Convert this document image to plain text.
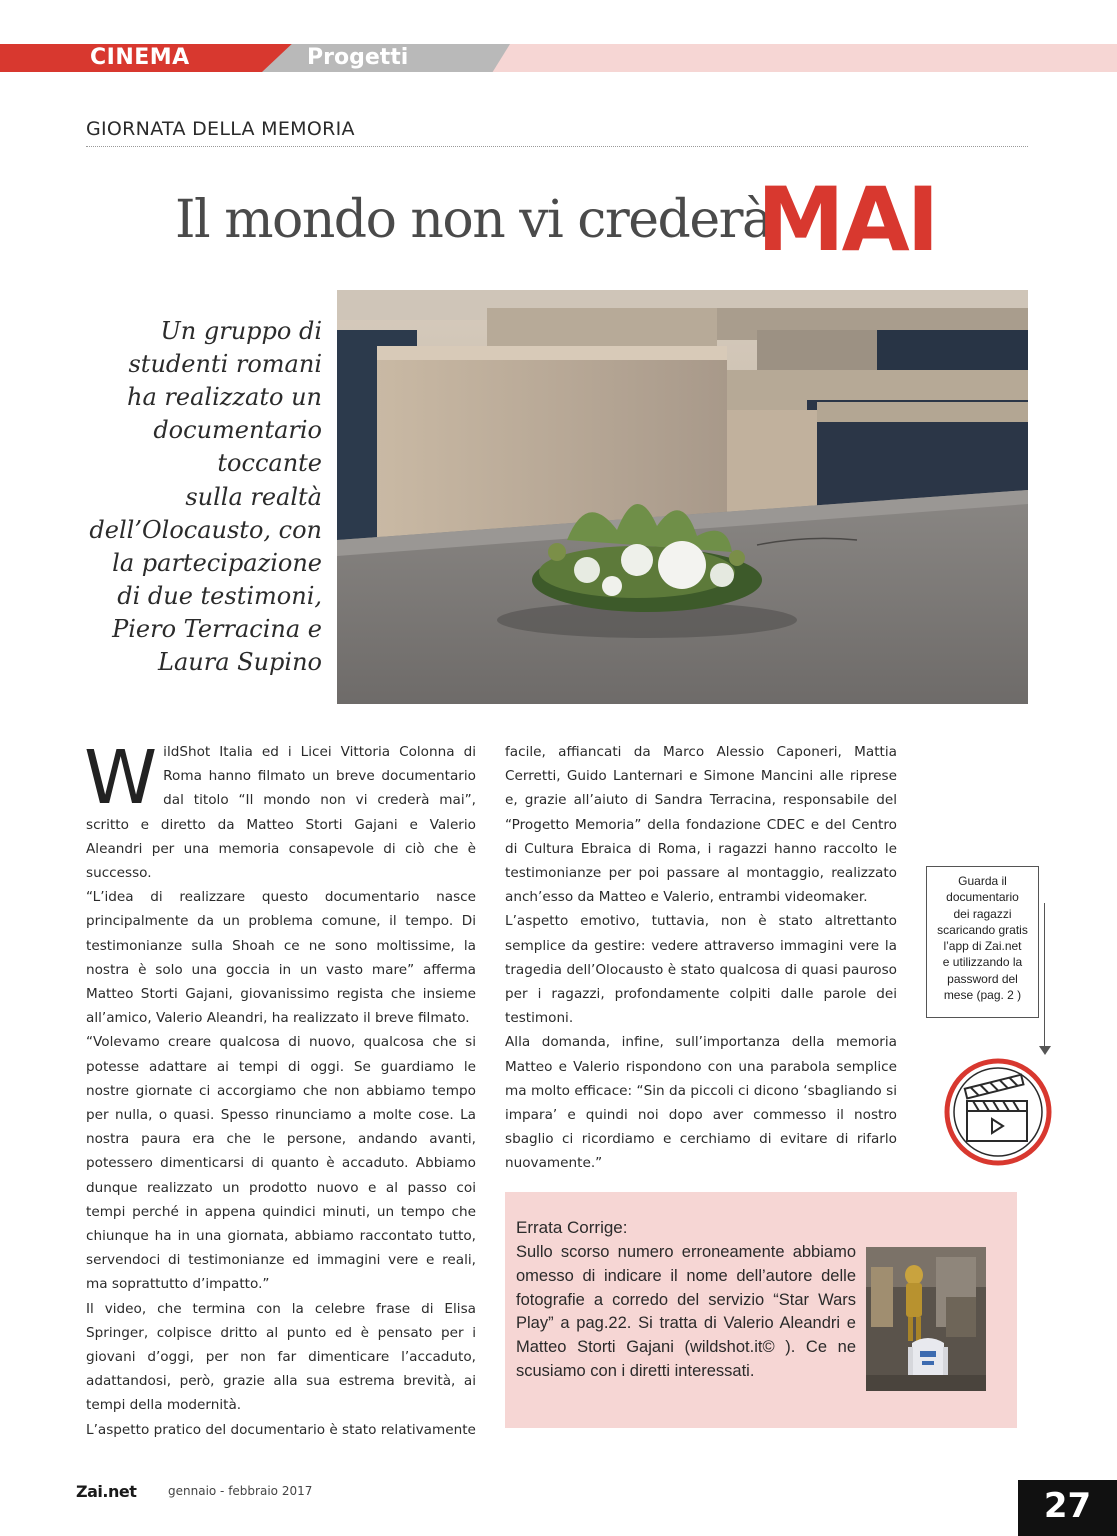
CINEMA	Progetti
GIORNATA DELLA MEMORIA
Il mondo non vi crederà
MAI
Un gruppo di
studenti romani
ha realizzato un
documentario
toccante
sulla realtà
dell’Olocausto, con
la partecipazione
di due testimoni,
Piero Terracina e
Laura Supino

WildShot Italia ed i Licei Vittoria Colonna di Roma hanno filmato un breve documentario dal titolo “Il mondo non vi crederà mai”, scritto e diretto da Matteo Storti Gajani e Valerio Aleandri per una memoria consapevole di ciò che è successo.

“L’idea di realizzare questo documentario nasce principalmente da un problema comune, il tempo. Di testimonianze sulla Shoah ce ne sono moltissime, la nostra è solo una goccia in un vasto mare” afferma Matteo Storti Gajani, giovanissimo regista che insieme all’amico, Valerio Aleandri, ha realizzato il breve filmato.

“Volevamo creare qualcosa di nuovo, qualcosa che si potesse adattare ai tempi di oggi. Se guardiamo le nostre giornate ci accorgiamo che non abbiamo tempo per nulla, o quasi. Spesso rinunciamo a molte cose. La nostra paura era che le persone, andando avanti, potessero dimenticarsi di quanto è accaduto. Abbiamo dunque realizzato un prodotto nuovo e al passo coi tempi perché in appena quindici minuti, un tempo che chiunque ha in una giornata, abbiamo raccontato tutto, servendoci di testimonianze ed immagini vere e reali, ma soprattutto d’impatto.”

Il video, che termina con la celebre frase di Elisa Springer, colpisce dritto al punto ed è pensato per i giovani d’oggi, per non far dimenticare l’accaduto, adattandosi, però, grazie alla sua estrema brevità, ai tempi della modernità.

L’aspetto pratico del documentario è stato relativamente

facile, affiancati da Marco Alessio Caponeri, Mattia Cerretti, Guido Lanternari e Simone Mancini alle riprese e, grazie all’aiuto di Sandra Terracina, responsabile del “Progetto Memoria” della fondazione CDEC e del Centro di Cultura Ebraica di Roma, i ragazzi hanno raccolto le testimonianze per poi passare al montaggio, realizzato anch’esso da Matteo e Valerio, entrambi videomaker.

L’aspetto emotivo, tuttavia, non è stato altrettanto semplice da gestire: vedere attraverso immagini vere la tragedia dell’Olocausto è stato qualcosa di quasi pauroso per i ragazzi, profondamente colpiti dalle parole dei testimoni.

Alla domanda, infine, sull’importanza della memoria Matteo e Valerio rispondono con una parabola semplice ma molto efficace: “Sin da piccoli ci dicono ‘sbagliando si impara’ e quindi noi dopo aver commesso il nostro sbaglio ci ricordiamo e cerchiamo di evitare di rifarlo nuovamente.”

Guarda il
documentario
dei ragazzi
scaricando gratis
l’app di Zai.net
e utilizzando la
password del
mese (pag. 2 )
Errata Corrige:
Sullo scorso numero erroneamente abbiamo omesso di indicare il nome dell’autore delle fotografie a corredo del servizio “Star Wars Play” a pag.22. Si tratta di Valerio Aleandri e Matteo Storti Gajani (wildshot.it© ). Ce ne scusiamo con i diretti interessati.
Zai.net	gennaio - febbraio 2017	27
